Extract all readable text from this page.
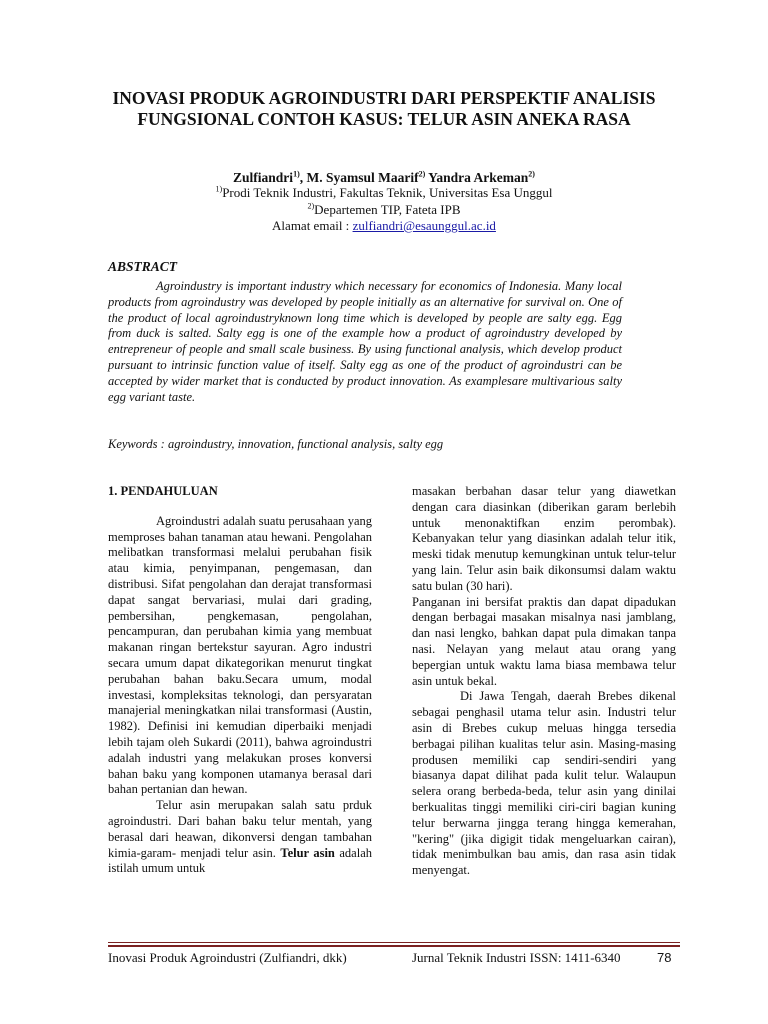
INOVASI PRODUK AGROINDUSTRI DARI PERSPEKTIF ANALISIS FUNGSIONAL CONTOH KASUS: TELUR ASIN ANEKA RASA
Zulfiandri$^{1)}$, M. Syamsul Maarif$^{2)}$ Yandra Arkeman$^{2)}$
$^{1)}$Prodi Teknik Industri, Fakultas Teknik, Universitas Esa Unggul
$^{2)}$Departemen TIP, Fateta IPB
Alamat email : zulfiandri@esaunggul.ac.id
ABSTRACT

Agroindustry is important industry which necessary for economics of Indonesia. Many local products from agroindustry was developed by people initially as an alternative for survival on. One of the product of local agroindustryknown long time which is developed by people are salty egg. Egg from duck is salted. Salty egg is one of the example how a product of agroindustry developed by entrepreneur of people and small scale business. By using functional analysis, which develop product pursuant to intrinsic function value of itself. Salty egg as one of the product of agroindustri can be accepted by wider market that is conducted by product innovation. As examplesare multivarious salty egg variant taste.

Keywords : agroindustry, innovation, functional analysis, salty egg

1. PENDAHULUAN

Agroindustri adalah suatu perusahaan yang memproses bahan tanaman atau hewani. Pengolahan melibatkan transformasi melalui perubahan fisik atau kimia, penyimpanan, pengemasan, dan distribusi. Sifat pengolahan dan derajat transformasi dapat sangat bervariasi, mulai dari grading, pembersihan, pengkemasan, pengolahan, pencampuran, dan perubahan kimia yang membuat makanan ringan bertekstur sayuran. Agro industri secara umum dapat dikategorikan menurut tingkat perubahan bahan baku.Secara umum, modal investasi, kompleksitas teknologi, dan persyaratan manajerial meningkatkan nilai transformasi (Austin, 1982). Definisi ini kemudian diperbaiki menjadi lebih tajam oleh Sukardi (2011), bahwa agroindustri adalah industri yang melakukan proses konversi bahan baku yang komponen utamanya berasal dari bahan pertanian dan hewan.

Telur asin merupakan salah satu prduk agroindustri. Dari bahan baku telur mentah, yang berasal dari heawan, dikonversi dengan tambahan kimia-garam- menjadi telur asin. Telur asin adalah istilah umum untuk

masakan berbahan dasar telur yang diawetkan dengan cara diasinkan (diberikan garam berlebih untuk menonaktifkan enzim perombak). Kebanyakan telur yang diasinkan adalah telur itik, meski tidak menutup kemungkinan untuk telur-telur yang lain. Telur asin baik dikonsumsi dalam waktu satu bulan (30 hari).

Panganan ini bersifat praktis dan dapat dipadukan dengan berbagai masakan misalnya nasi jamblang, dan nasi lengko, bahkan dapat pula dimakan tanpa nasi. Nelayan yang melaut atau orang yang bepergian untuk waktu lama biasa membawa telur asin untuk bekal.

Di Jawa Tengah, daerah Brebes dikenal sebagai penghasil utama telur asin. Industri telur asin di Brebes cukup meluas hingga tersedia berbagai pilihan kualitas telur asin. Masing-masing produsen memiliki cap sendiri-sendiri yang biasanya dapat dilihat pada kulit telur. Walaupun selera orang berbeda-beda, telur asin yang dinilai berkualitas tinggi memiliki ciri-ciri bagian kuning telur berwarna jingga terang hingga kemerahan, "kering" (jika digigit tidak mengeluarkan cairan), tidak menimbulkan bau amis, dan rasa asin tidak menyengat.

Inovasi Produk Agroindustri (Zulfiandri, dkk)	Jurnal Teknik Industri ISSN: 1411-6340	78
